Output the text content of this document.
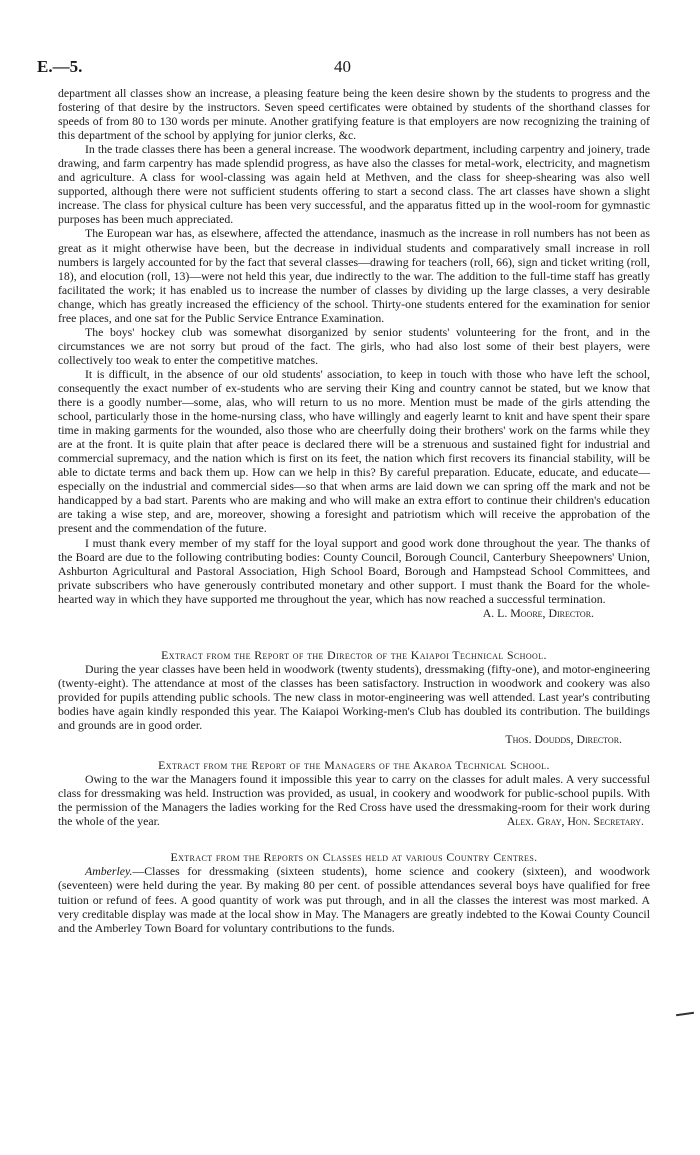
E.—5.	40

department all classes show an increase, a pleasing feature being the keen desire shown by the students to progress and the fostering of that desire by the instructors. Seven speed certificates were obtained by students of the shorthand classes for speeds of from 80 to 130 words per minute. Another gratifying feature is that employers are now recognizing the training of this department of the school by applying for junior clerks, &c.

In the trade classes there has been a general increase. The woodwork department, including carpentry and joinery, trade drawing, and farm carpentry has made splendid progress, as have also the classes for metal-work, electricity, and magnetism and agriculture. A class for wool-classing was again held at Methven, and the class for sheep-shearing was also well supported, although there were not sufficient students offering to start a second class. The art classes have shown a slight increase. The class for physical culture has been very successful, and the apparatus fitted up in the wool-room for gymnastic purposes has been much appreciated.

The European war has, as elsewhere, affected the attendance, inasmuch as the increase in roll numbers has not been as great as it might otherwise have been, but the decrease in individual students and comparatively small increase in roll numbers is largely accounted for by the fact that several classes—drawing for teachers (roll, 66), sign and ticket writing (roll, 18), and elocution (roll, 13)—were not held this year, due indirectly to the war. The addition to the full-time staff has greatly facilitated the work; it has enabled us to increase the number of classes by dividing up the large classes, a very desirable change, which has greatly increased the efficiency of the school. Thirty-one students entered for the examination for senior free places, and one sat for the Public Service Entrance Examination.

The boys' hockey club was somewhat disorganized by senior students' volunteering for the front, and in the circumstances we are not sorry but proud of the fact. The girls, who had also lost some of their best players, were collectively too weak to enter the competitive matches.

It is difficult, in the absence of our old students' association, to keep in touch with those who have left the school, consequently the exact number of ex-students who are serving their King and country cannot be stated, but we know that there is a goodly number—some, alas, who will return to us no more. Mention must be made of the girls attending the school, particularly those in the home-nursing class, who have willingly and eagerly learnt to knit and have spent their spare time in making garments for the wounded, also those who are cheerfully doing their brothers' work on the farms while they are at the front. It is quite plain that after peace is declared there will be a strenuous and sustained fight for industrial and commercial supremacy, and the nation which is first on its feet, the nation which first recovers its financial stability, will be able to dictate terms and back them up. How can we help in this? By careful preparation. Educate, educate, and educate—especially on the industrial and commercial sides—so that when arms are laid down we can spring off the mark and not be handicapped by a bad start. Parents who are making and who will make an extra effort to continue their children's education are taking a wise step, and are, moreover, showing a foresight and patriotism which will receive the approbation of the present and the commendation of the future.

I must thank every member of my staff for the loyal support and good work done throughout the year. The thanks of the Board are due to the following contributing bodies: County Council, Borough Council, Canterbury Sheepowners' Union, Ashburton Agricultural and Pastoral Association, High School Board, Borough and Hampstead School Committees, and private subscribers who have generously contributed monetary and other support. I must thank the Board for the whole-hearted way in which they have supported me throughout the year, which has now reached a successful termination.

A. L. Moore, Director.

Extract from the Report of the Director of the Kaiapoi Technical School.

During the year classes have been held in woodwork (twenty students), dressmaking (fifty-one), and motor-engineering (twenty-eight). The attendance at most of the classes has been satisfactory. Instruction in woodwork and cookery was also provided for pupils attending public schools. The new class in motor-engineering was well attended. Last year's contributing bodies have again kindly responded this year. The Kaiapoi Working-men's Club has doubled its contribution. The buildings and grounds are in good order.

Thos. Doudds, Director.

Extract from the Report of the Managers of the Akaroa Technical School.

Owing to the war the Managers found it impossible this year to carry on the classes for adult males. A very successful class for dressmaking was held. Instruction was provided, as usual, in cookery and woodwork for public-school pupils. With the permission of the Managers the ladies working for the Red Cross have used the dressmaking-room for their work during the whole of the year.	Alex. Gray, Hon. Secretary.

Extract from the Reports on Classes held at various Country Centres.

Amberley.—Classes for dressmaking (sixteen students), home science and cookery (sixteen), and woodwork (seventeen) were held during the year. By making 80 per cent. of possible attendances several boys have qualified for free tuition or refund of fees. A good quantity of work was put through, and in all the classes the interest was most marked. A very creditable display was made at the local show in May. The Managers are greatly indebted to the Kowai County Council and the Amberley Town Board for voluntary contributions to the funds.
